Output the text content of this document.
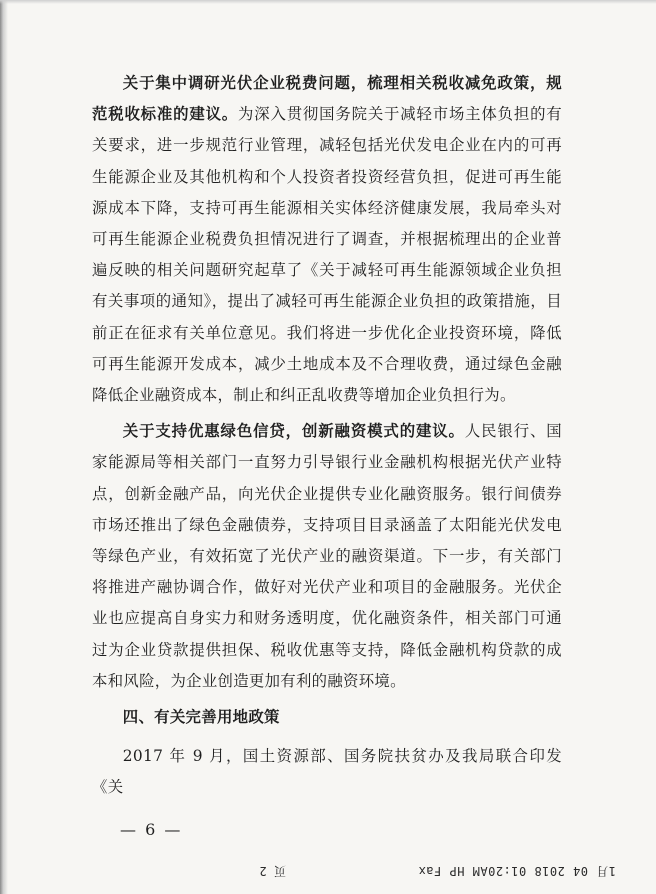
关于集中调研光伏企业税费问题，梳理相关税收减免政策，规范税收标准的建议。为深入贯彻国务院关于减轻市场主体负担的有关要求，进一步规范行业管理，减轻包括光伏发电企业在内的可再生能源企业及其他机构和个人投资者投资经营负担，促进可再生能源成本下降，支持可再生能源相关实体经济健康发展，我局牵头对可再生能源企业税费负担情况进行了调查，并根据梳理出的企业普遍反映的相关问题研究起草了《关于减轻可再生能源领域企业负担有关事项的通知》，提出了减轻可再生能源企业负担的政策措施，目前正在征求有关单位意见。我们将进一步优化企业投资环境，降低可再生能源开发成本，减少土地成本及不合理收费，通过绿色金融降低企业融资成本，制止和纠正乱收费等增加企业负担行为。

关于支持优惠绿色信贷，创新融资模式的建议。人民银行、国家能源局等相关部门一直努力引导银行业金融机构根据光伏产业特点，创新金融产品，向光伏企业提供专业化融资服务。银行间债券市场还推出了绿色金融债券，支持项目目录涵盖了太阳能光伏发电等绿色产业，有效拓宽了光伏产业的融资渠道。下一步，有关部门将推进产融协调合作，做好对光伏产业和项目的金融服务。光伏企业也应提高自身实力和财务透明度，优化融资条件，相关部门可通过为企业贷款提供担保、税收优惠等支持，降低金融机构贷款的成本和风险，为企业创造更加有利的融资环境。

四、有关完善用地政策

2017 年 9 月，国土资源部、国务院扶贫办及我局联合印发《关

— 6 —
1月 04 2018 01:20AM HP Fax
页 2
